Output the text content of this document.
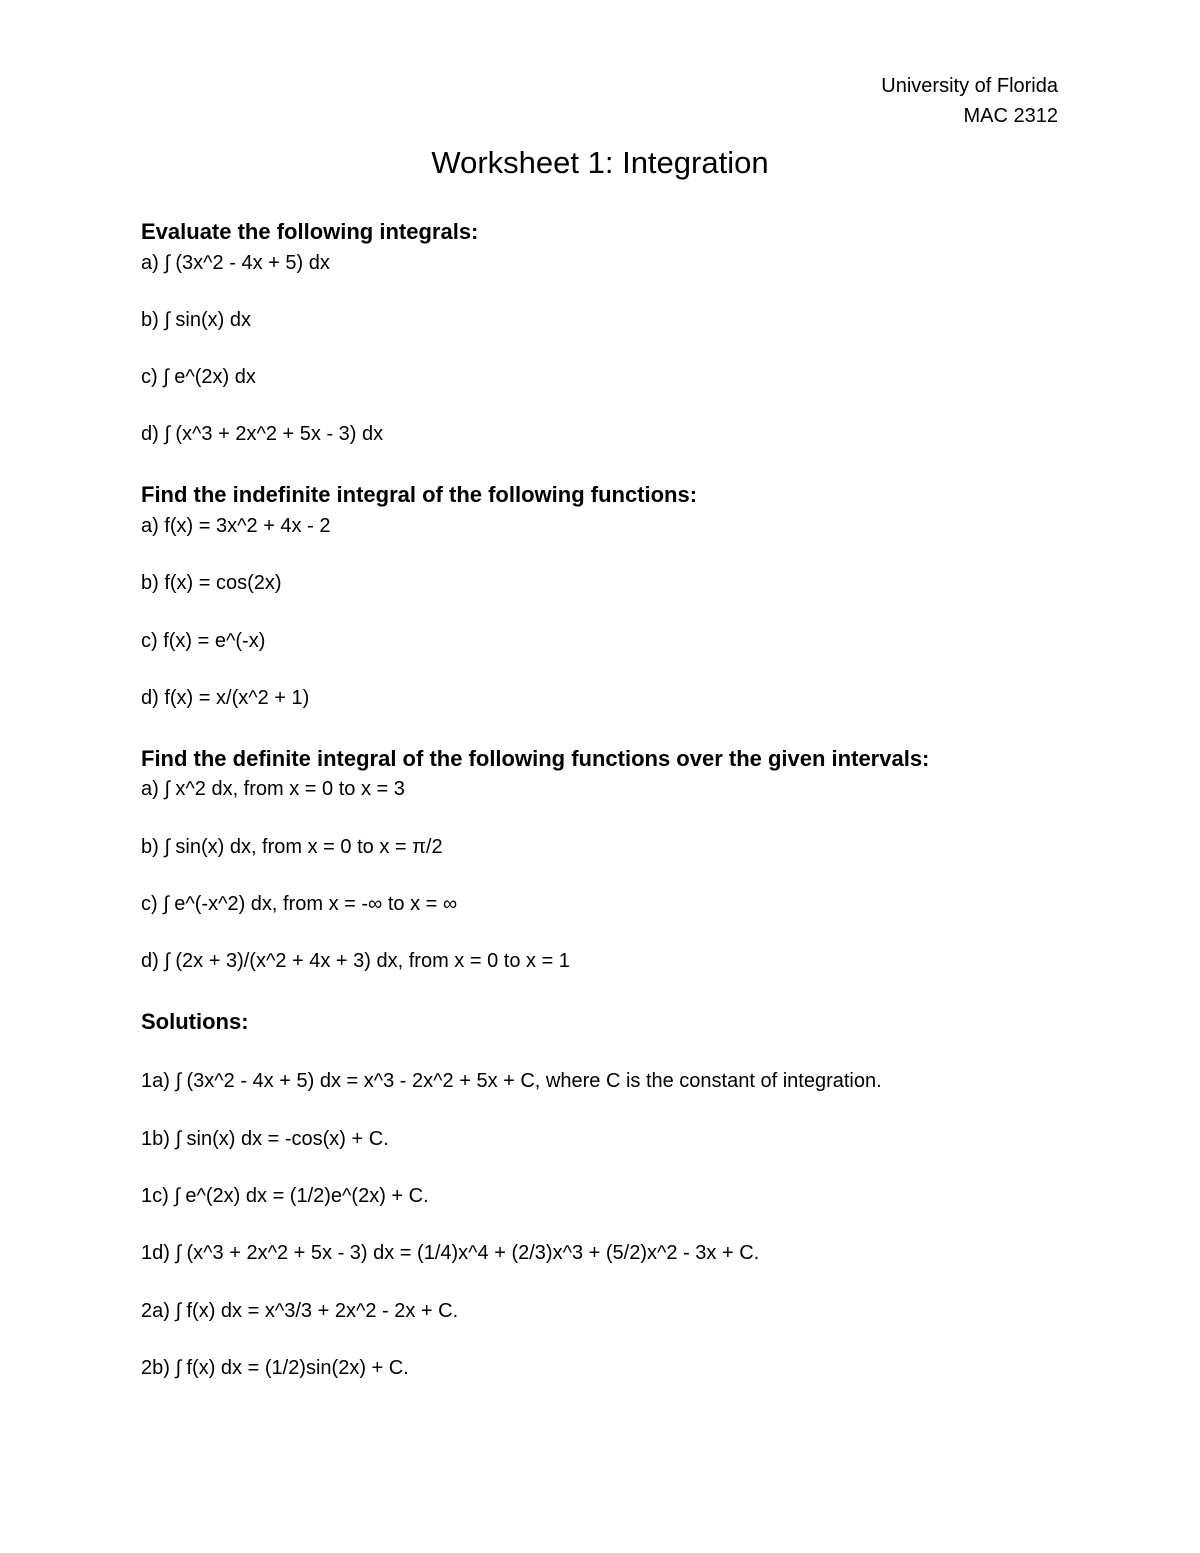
University of Florida
MAC 2312
Worksheet 1: Integration
Evaluate the following integrals:
a) ∫ (3x^2 - 4x + 5) dx
b) ∫ sin(x) dx
c) ∫ e^(2x) dx
d) ∫ (x^3 + 2x^2 + 5x - 3) dx
Find the indefinite integral of the following functions:
a) f(x) = 3x^2 + 4x - 2
b) f(x) = cos(2x)
c) f(x) = e^(-x)
d) f(x) = x/(x^2 + 1)
Find the definite integral of the following functions over the given intervals:
a) ∫ x^2 dx, from x = 0 to x = 3
b) ∫ sin(x) dx, from x = 0 to x = π/2
c) ∫ e^(-x^2) dx, from x = -∞ to x = ∞
d) ∫ (2x + 3)/(x^2 + 4x + 3) dx, from x = 0 to x = 1
Solutions:
1a) ∫ (3x^2 - 4x + 5) dx = x^3 - 2x^2 + 5x + C, where C is the constant of integration.
1b) ∫ sin(x) dx = -cos(x) + C.
1c) ∫ e^(2x) dx = (1/2)e^(2x) + C.
1d) ∫ (x^3 + 2x^2 + 5x - 3) dx = (1/4)x^4 + (2/3)x^3 + (5/2)x^2 - 3x + C.
2a) ∫ f(x) dx = x^3/3 + 2x^2 - 2x + C.
2b) ∫ f(x) dx = (1/2)sin(2x) + C.
